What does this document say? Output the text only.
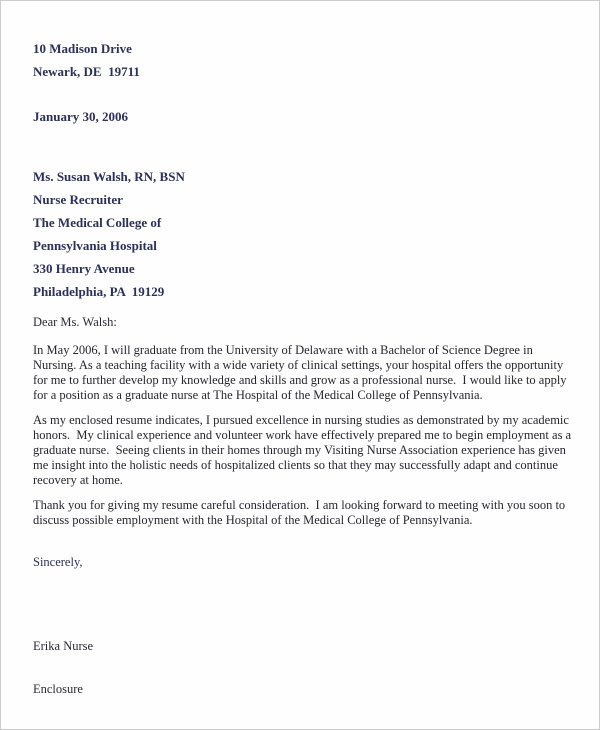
10 Madison Drive

Newark, DE  19711

January 30, 2006

Ms. Susan Walsh, RN, BSN

Nurse Recruiter

The Medical College of

Pennsylvania Hospital

330 Henry Avenue

Philadelphia, PA  19129

Dear Ms. Walsh:

In May 2006, I will graduate from the University of Delaware with a Bachelor of Science Degree in Nursing. As a teaching facility with a wide variety of clinical settings, your hospital offers the opportunity for me to further develop my knowledge and skills and grow as a professional nurse.  I would like to apply for a position as a graduate nurse at The Hospital of the Medical College of Pennsylvania.

As my enclosed resume indicates, I pursued excellence in nursing studies as demonstrated by my academic honors.  My clinical experience and volunteer work have effectively prepared me to begin employment as a graduate nurse.  Seeing clients in their homes through my Visiting Nurse Association experience has given me insight into the holistic needs of hospitalized clients so that they may successfully adapt and continue recovery at home.

Thank you for giving my resume careful consideration.  I am looking forward to meeting with you soon to discuss possible employment with the Hospital of the Medical College of Pennsylvania.

Sincerely,

Erika Nurse

Enclosure
